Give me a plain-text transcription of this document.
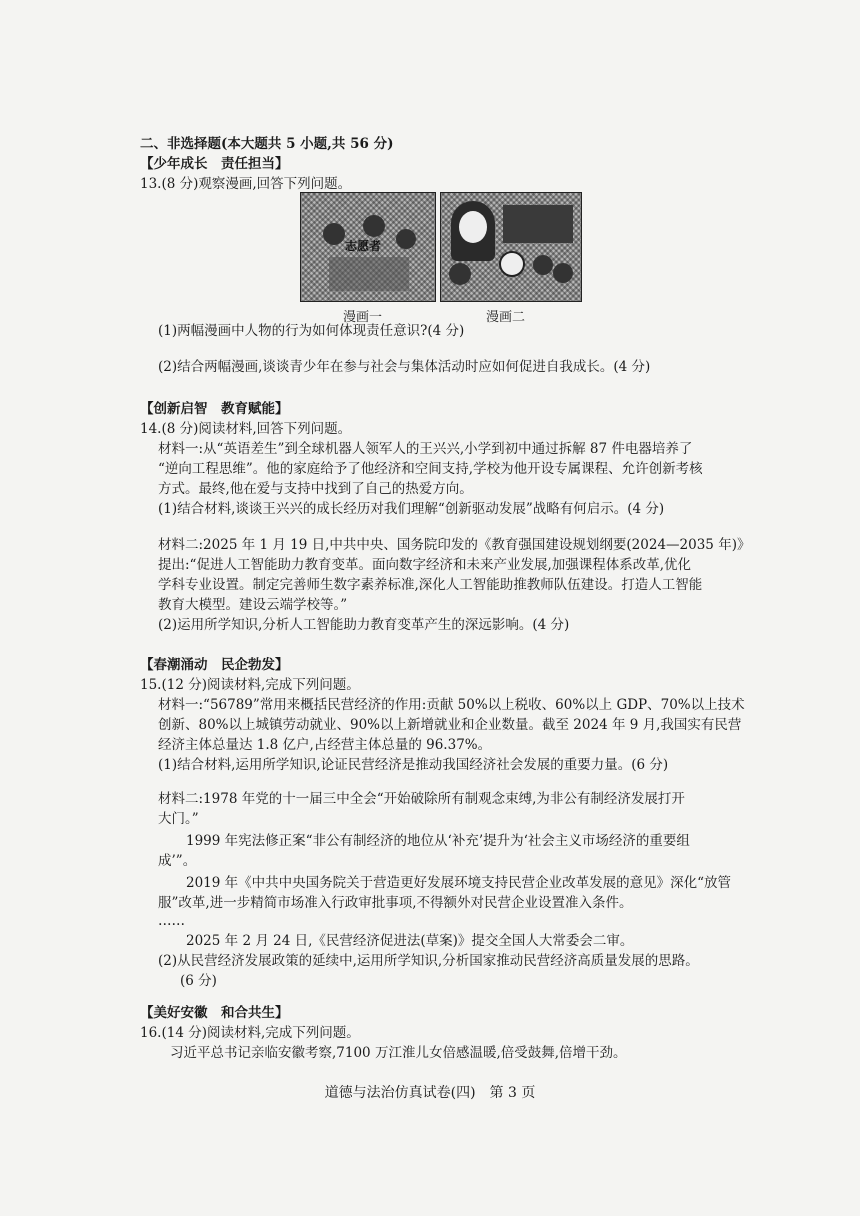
二、非选择题(本大题共 5 小题,共 56 分)
【少年成长　责任担当】
13.(8 分)观察漫画,回答下列问题。
志愿者
漫画一	漫画二
(1)两幅漫画中人物的行为如何体现责任意识?(4 分)
(2)结合两幅漫画,谈谈青少年在参与社会与集体活动时应如何促进自我成长。(4 分)
【创新启智　教育赋能】
14.(8 分)阅读材料,回答下列问题。
材料一:从“英语差生”到全球机器人领军人的王兴兴,小学到初中通过拆解 87 件电器培养了
“逆向工程思维”。他的家庭给予了他经济和空间支持,学校为他开设专属课程、允许创新考核
方式。最终,他在爱与支持中找到了自己的热爱方向。
(1)结合材料,谈谈王兴兴的成长经历对我们理解“创新驱动发展”战略有何启示。(4 分)
材料二:2025 年 1 月 19 日,中共中央、国务院印发的《教育强国建设规划纲要(2024—2035 年)》
提出:“促进人工智能助力教育变革。面向数字经济和未来产业发展,加强课程体系改革,优化
学科专业设置。制定完善师生数字素养标准,深化人工智能助推教师队伍建设。打造人工智能
教育大模型。建设云端学校等。”
(2)运用所学知识,分析人工智能助力教育变革产生的深远影响。(4 分)
【春潮涌动　民企勃发】
15.(12 分)阅读材料,完成下列问题。
材料一:“56789”常用来概括民营经济的作用:贡献 50%以上税收、60%以上 GDP、70%以上技术
创新、80%以上城镇劳动就业、90%以上新增就业和企业数量。截至 2024 年 9 月,我国实有民营
经济主体总量达 1.8 亿户,占经营主体总量的 96.37%。
(1)结合材料,运用所学知识,论证民营经济是推动我国经济社会发展的重要力量。(6 分)
材料二:1978 年党的十一届三中全会“开始破除所有制观念束缚,为非公有制经济发展打开
大门。”
1999 年宪法修正案“非公有制经济的地位从‘补充’提升为‘社会主义市场经济的重要组
成’”。
2019 年《中共中央国务院关于营造更好发展环境支持民营企业改革发展的意见》深化“放管
服”改革,进一步精简市场准入行政审批事项,不得额外对民营企业设置准入条件。
……
2025 年 2 月 24 日,《民营经济促进法(草案)》提交全国人大常委会二审。
(2)从民营经济发展政策的延续中,运用所学知识,分析国家推动民营经济高质量发展的思路。
(6 分)
【美好安徽　和合共生】
16.(14 分)阅读材料,完成下列问题。
习近平总书记亲临安徽考察,7100 万江淮儿女倍感温暖,倍受鼓舞,倍增干劲。
道德与法治仿真试卷(四)　第 3 页
